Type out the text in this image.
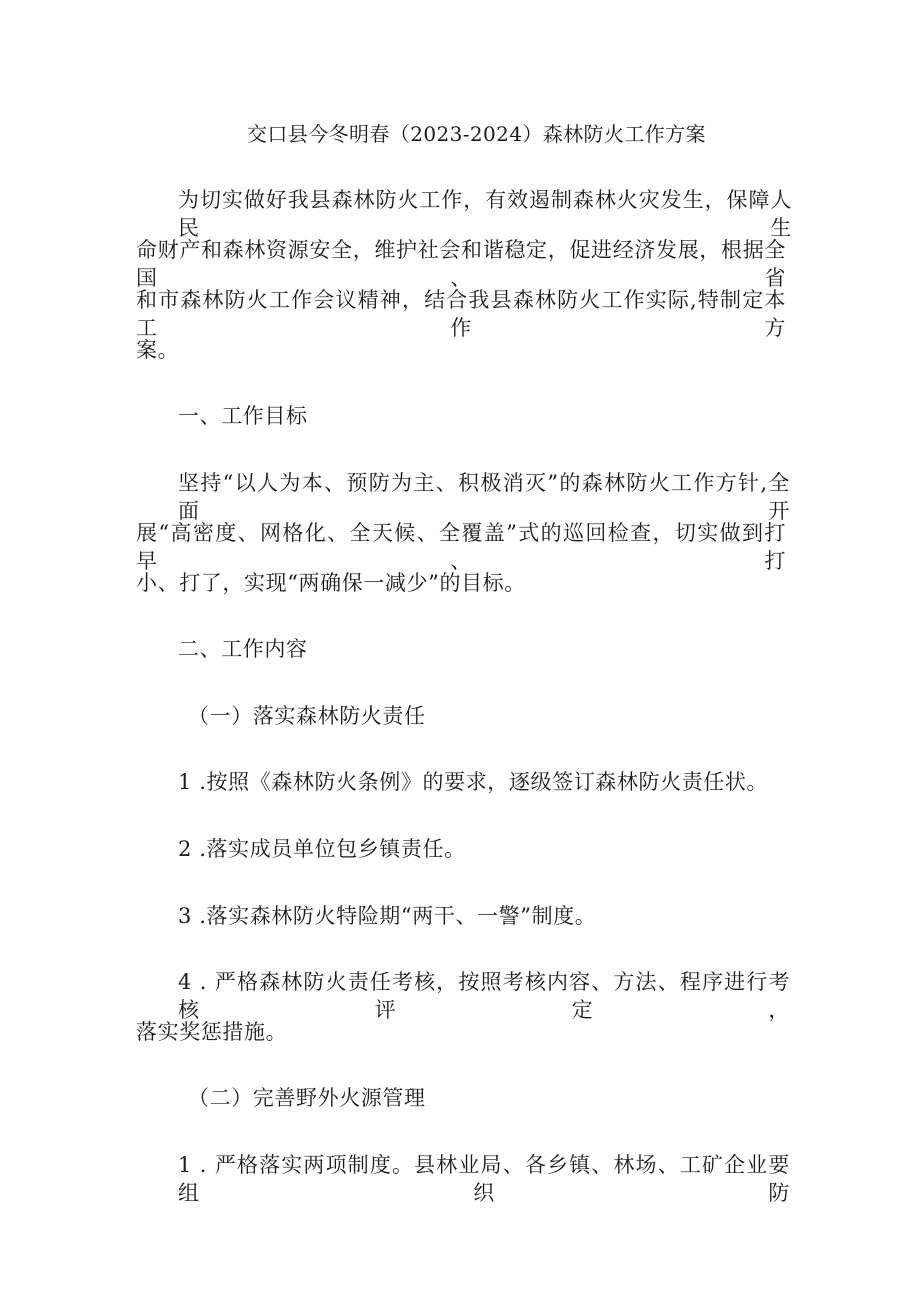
交口县今冬明春（2023-2024）森林防火工作方案
为切实做好我县森林防火工作，有效遏制森林火灾发生，保障人民生
命财产和森林资源安全，维护社会和谐稳定，促进经济发展，根据全国、省
和市森林防火工作会议精神，结合我县森林防火工作实际,特制定本工作方
案。
一、工作目标
坚持“以人为本、预防为主、积极消灭”的森林防火工作方针,全面开
展“高密度、网格化、全天候、全覆盖”式的巡回检查，切实做到打早、打
小、打了，实现“两确保一减少”的目标。
二、工作内容
（一）落实森林防火责任
1 .按照《森林防火条例》的要求，逐级签订森林防火责任状。
2 .落实成员单位包乡镇责任。
3 .落实森林防火特险期“两干、一警”制度。
4 . 严格森林防火责任考核，按照考核内容、方法、程序进行考核评定，
落实奖惩措施。
（二）完善野外火源管理
1 . 严格落实两项制度。县林业局、各乡镇、林场、工矿企业要组织防
